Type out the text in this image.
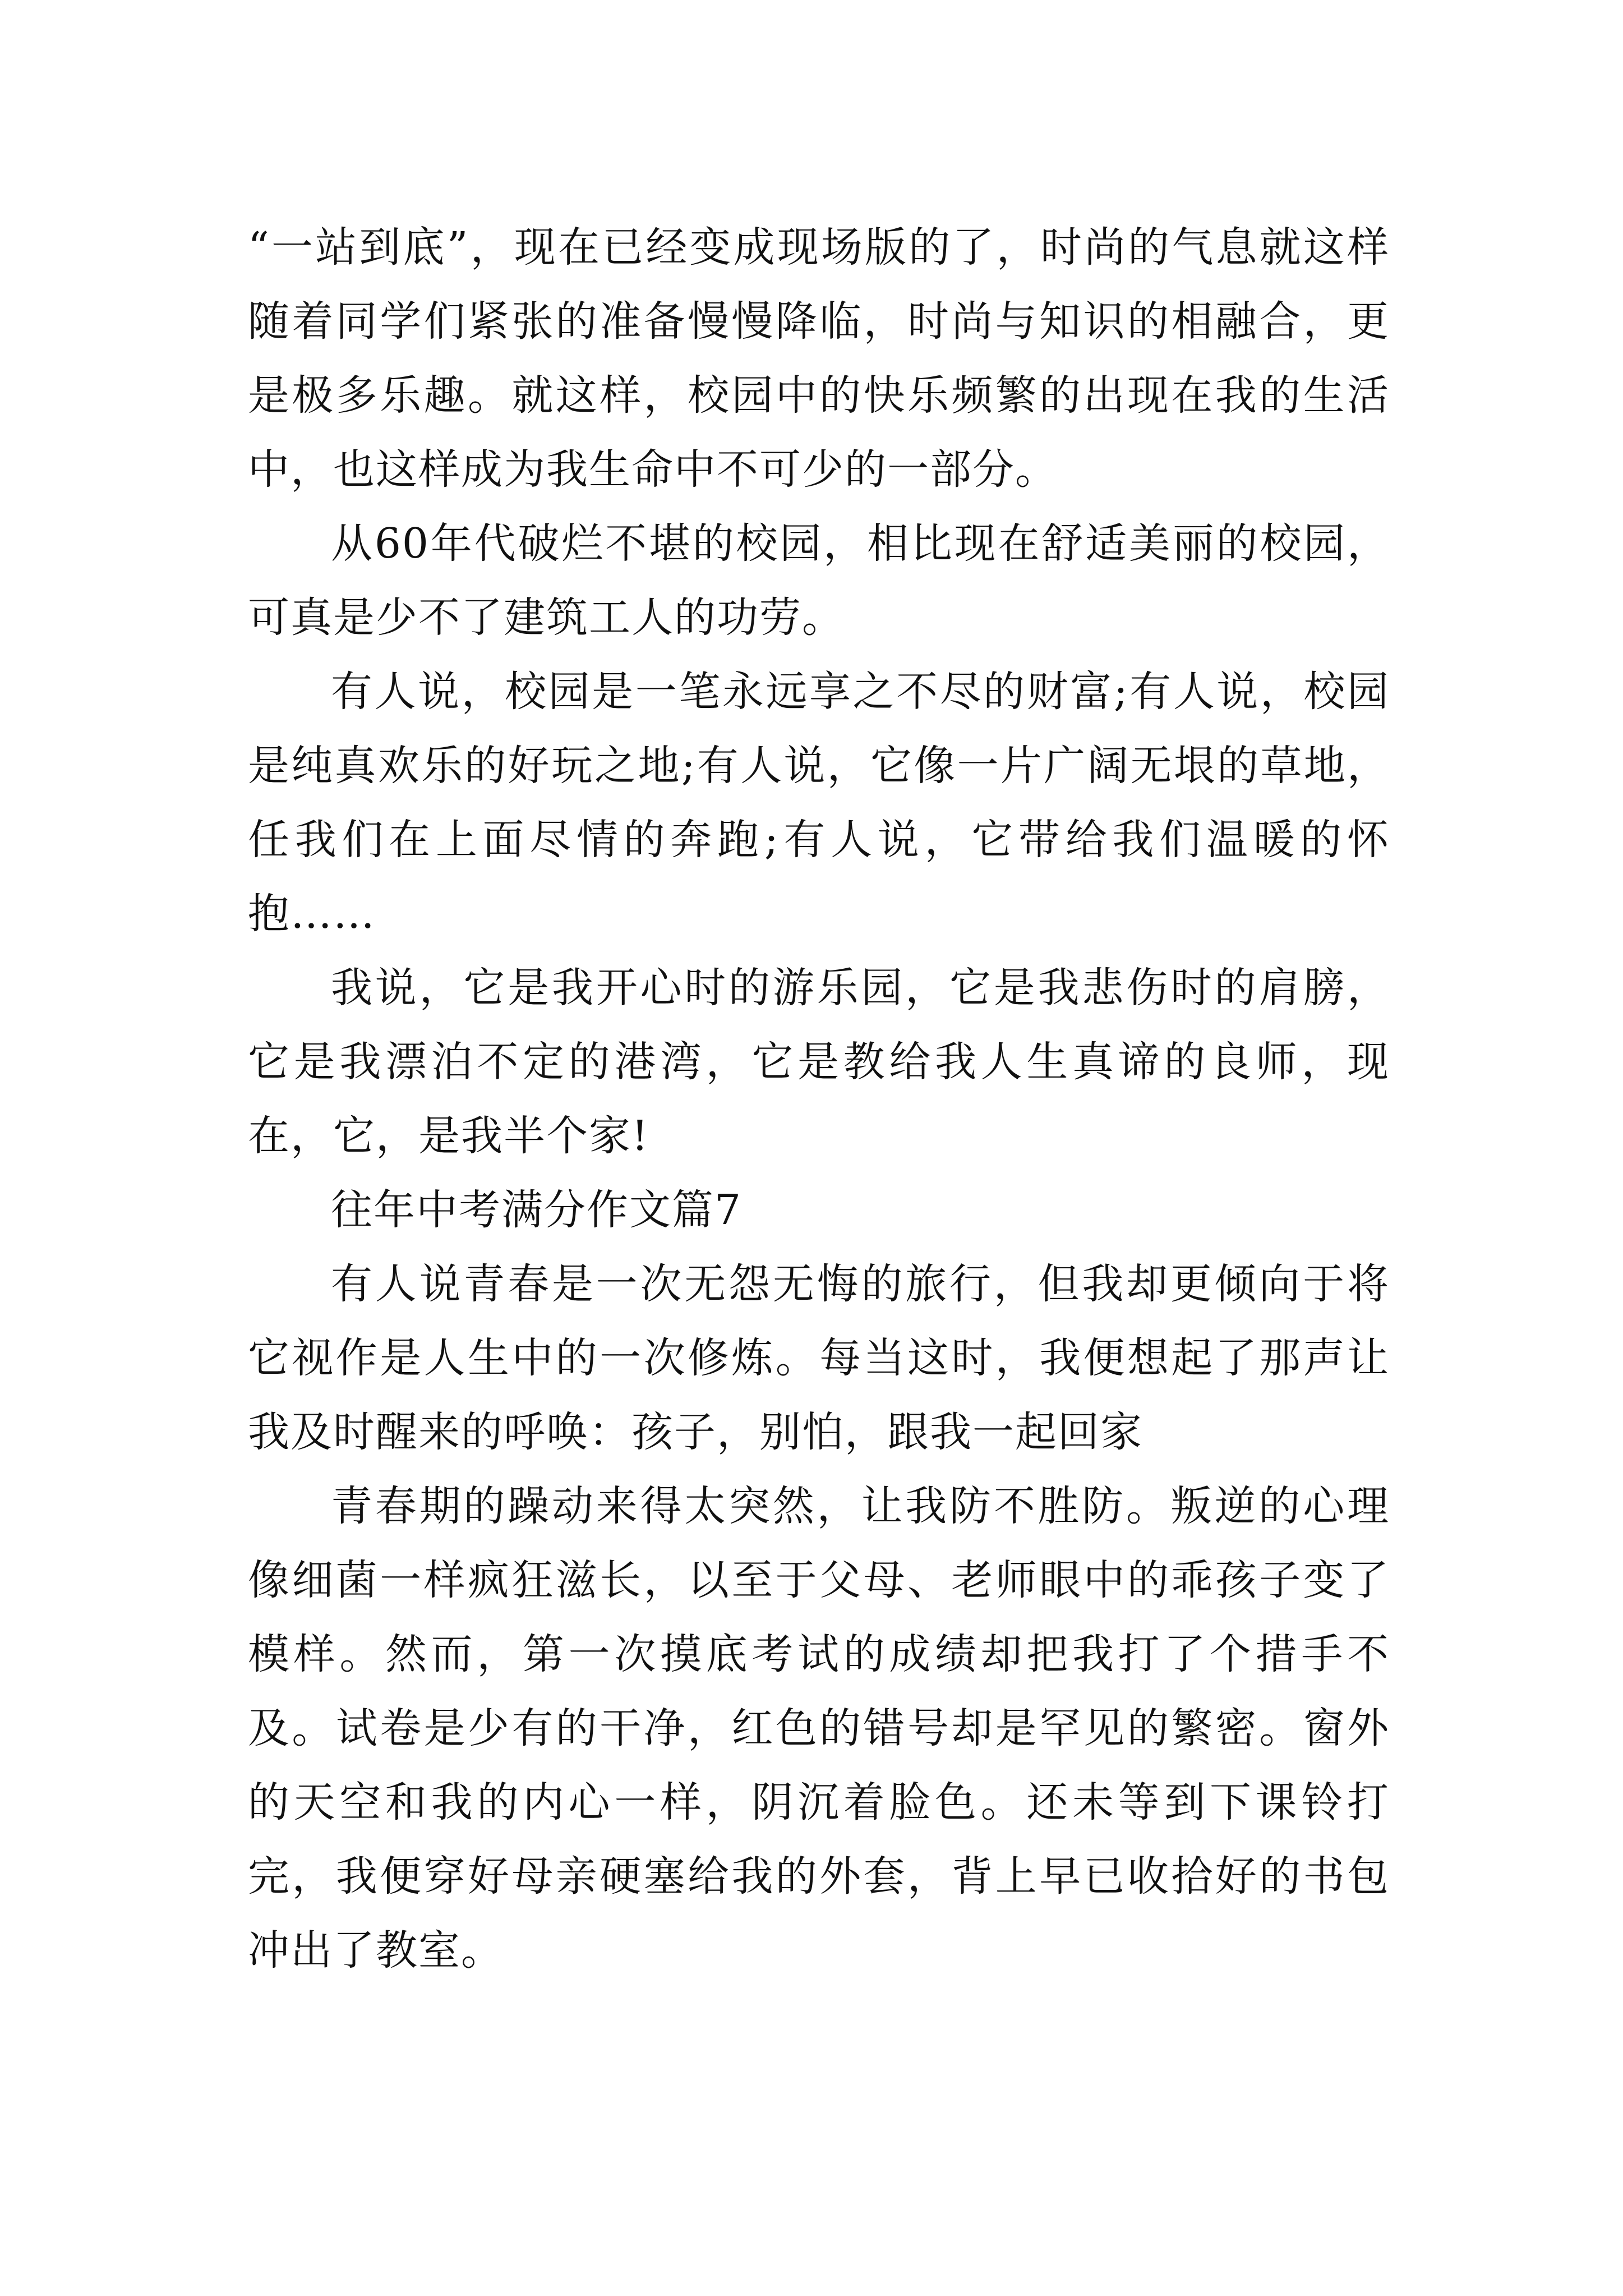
“一站到底”，现在已经变成现场版的了，时尚的气息就这样随着同学们紧张的准备慢慢降临，时尚与知识的相融合，更是极多乐趣。就这样，校园中的快乐频繁的出现在我的生活中，也这样成为我生命中不可少的一部分。

从60年代破烂不堪的校园，相比现在舒适美丽的校园，可真是少不了建筑工人的功劳。

有人说，校园是一笔永远享之不尽的财富;有人说，校园是纯真欢乐的好玩之地;有人说，它像一片广阔无垠的草地，任我们在上面尽情的奔跑;有人说，它带给我们温暖的怀抱……

我说，它是我开心时的游乐园，它是我悲伤时的肩膀，它是我漂泊不定的港湾，它是教给我人生真谛的良师，现在，它，是我半个家!

往年中考满分作文篇7

有人说青春是一次无怨无悔的旅行，但我却更倾向于将它视作是人生中的一次修炼。每当这时，我便想起了那声让我及时醒来的呼唤：孩子，别怕，跟我一起回家

青春期的躁动来得太突然，让我防不胜防。叛逆的心理像细菌一样疯狂滋长，以至于父母、老师眼中的乖孩子变了模样。然而，第一次摸底考试的成绩却把我打了个措手不及。试卷是少有的干净，红色的错号却是罕见的繁密。窗外的天空和我的内心一样，阴沉着脸色。还未等到下课铃打完，我便穿好母亲硬塞给我的外套，背上早已收拾好的书包冲出了教室。
